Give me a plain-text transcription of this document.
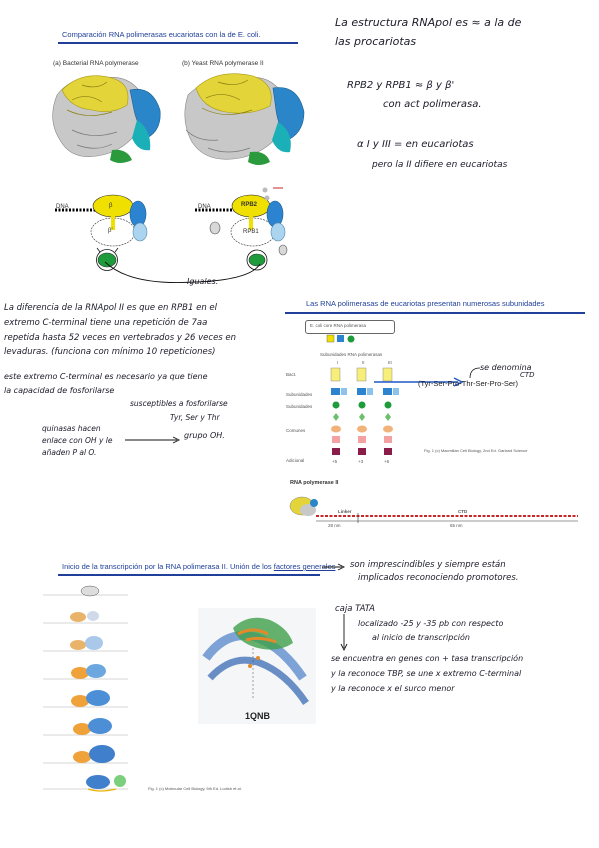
Comparación RNA polimerasas eucariotas con la de E. coli.
(a) Bacterial RNA polymerase	(b) Yeast RNA polymerase II
DNA	β
β'
DNA	RPB2
RPB1
Iguales.
La estructura RNApol es ≈ a la de
las procariotas
RPB2 y RPB1 ≈ β y β'
con act polimerasa.
α I y III = en eucariotas
pero la II difiere en eucariotas
La diferencia de la RNApol II es que en RPB1 en el
extremo C-terminal tiene una repetición de 7aa
repetida hasta 52 veces en vertebrados y 26 veces en
levaduras. (funciona con mínimo 10 repeticiones)
este extremo C-terminal es necesario ya que tiene
la capacidad de fosforilarse
susceptibles a fosforilarse
Tyr, Ser y Thr
grupo OH.
quinasas hacen
enlace con OH y le
añaden P al O.
Las RNA polimerasas de eucariotas presentan numerosas subunidades
E. coli core RNA polimerasa
Subunidades RNA polimerasas
I	II	III
Bact.
Subunidades
Subunidades
Comunes
Adicional	+5	+3	+6
Fig. 1 (c) Macmillan Cell Biology, 2nd Ed. Garland Science
se denomina
CTD
(Tyr-Ser-Pro-Thr-Ser-Pro-Ser)
RNA polymerase II
Linker	CTD
28 nm	65 nm
Inicio de la transcripción por la RNA polimerasa II. Unión de los factores generales son imprescindibles y siempre están
implicados reconociendo promotores.
Fig. 1 (c) Molecular Cell Biology, 5th Ed. Lodish et al.
1QNB
caja TATA
localizado -25 y -35 pb con respecto
al inicio de transcripción
se encuentra en genes con + tasa transcripción
y la reconoce TBP, se une x extremo C-terminal
y la reconoce x el surco menor
